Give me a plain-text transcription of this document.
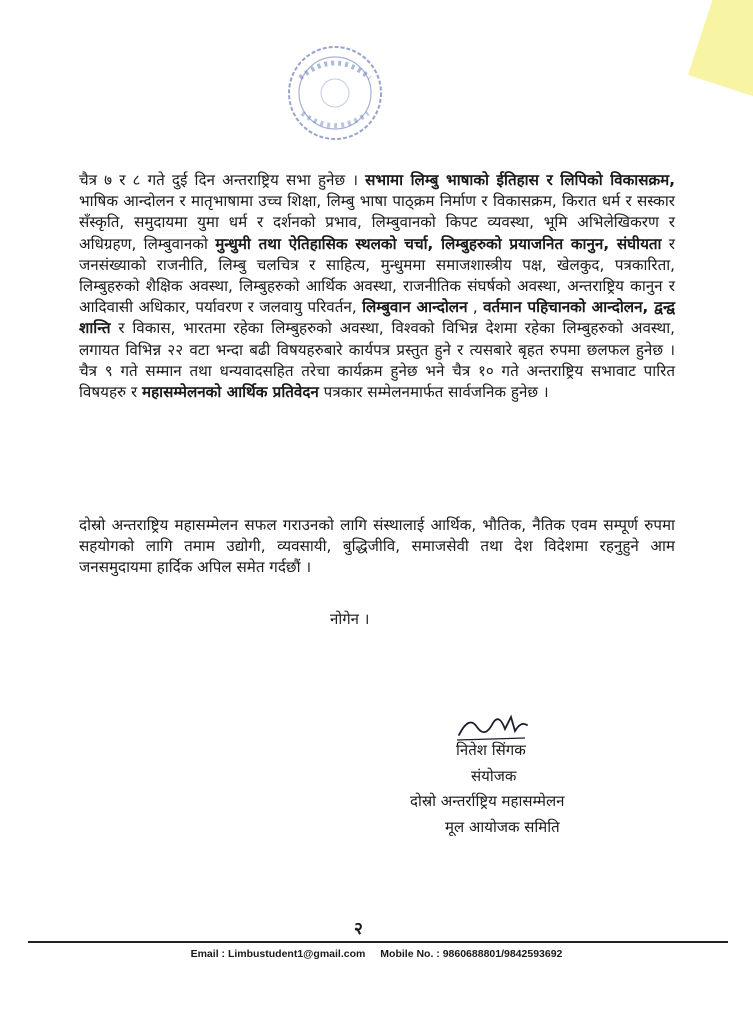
चैत्र ७ र ८ गते दुई दिन अन्तराष्ट्रिय सभा हुनेछ । सभामा लिम्बु भाषाको ईतिहास र लिपिको विकासक्रम, भाषिक आन्दोलन र मातृभाषामा उच्च शिक्षा, लिम्बु भाषा पाठ्क्रम निर्माण र विकासक्रम, किरात धर्म र सस्कार सँस्कृति, समुदायमा युमा धर्म र दर्शनको प्रभाव, लिम्बुवानको किपट व्यवस्था, भूमि अभिलेखिकरण र अधिग्रहण, लिम्बुवानको मुन्धुमी तथा ऐतिहासिक स्थलको चर्चा, लिम्बुहरुको प्रयाजनित कानुन, संघीयता र जनसंख्याको राजनीति, लिम्बु चलचित्र र साहित्य, मुन्धुममा समाजशास्त्रीय पक्ष, खेलकुद, पत्रकारिता, लिम्बुहरुको शैक्षिक अवस्था, लिम्बुहरुको आर्थिक अवस्था, राजनीतिक संघर्षको अवस्था, अन्तराष्ट्रिय कानुन र आदिवासी अधिकार, पर्यावरण र जलवायु परिवर्तन, लिम्बुवान आन्दोलन , वर्तमान पहिचानको आन्दोलन, द्वन्द्व शान्ति र विकास, भारतमा रहेका लिम्बुहरुको अवस्था, विश्वको विभिन्न देशमा रहेका लिम्बुहरुको अवस्था, लगायत विभिन्न २२ वटा भन्दा बढी विषयहरुबारे कार्यपत्र प्रस्तुत हुने र त्यसबारे बृहत रुपमा छलफल हुनेछ । चैत्र ९ गते सम्मान तथा धन्यवादसहित तरेचा कार्यक्रम हुनेछ भने चैत्र १० गते अन्तराष्ट्रिय सभावाट पारित विषयहरु र महासम्मेलनको आर्थिक प्रतिवेदन पत्रकार सम्मेलनमार्फत सार्वजनिक हुनेछ ।
दोस्रो अन्तराष्ट्रिय महासम्मेलन सफल गराउनको लागि संस्थालाई आर्थिक, भौतिक, नैतिक एवम सम्पूर्ण रुपमा सहयोगको लागि तमाम उद्योगी, व्यवसायी, बुद्धिजीवि, समाजसेवी तथा देश विदेशमा रहनुहुने आम जनसमुदायमा हार्दिक अपिल समेत गर्दछौं ।
नोगेन ।
नितेश सिंगक
संयोजक
दोस्रो अन्तर्राष्ट्रिय महासम्मेलन
मूल आयोजक समिति
२
Email : Limbustudent1@gmail.com Mobile No. : 9860688801/9842593692
